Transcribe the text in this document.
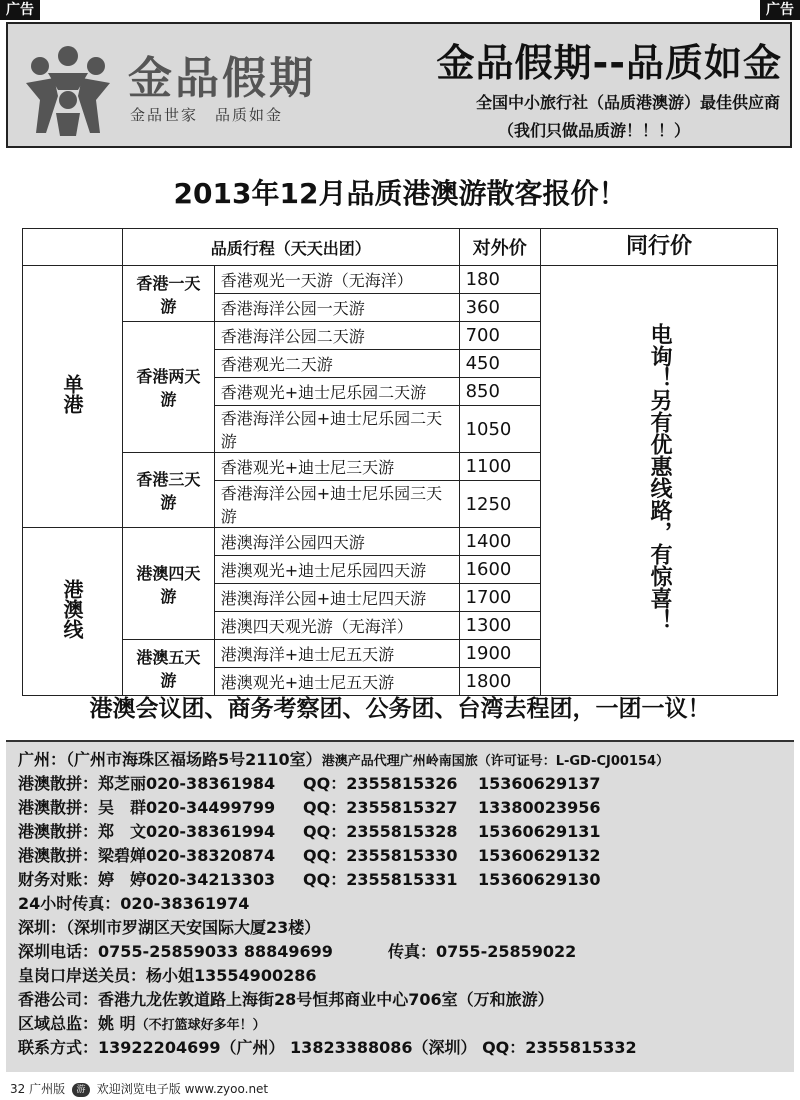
广告	广告
金品假期
金品世家　品质如金
金品假期--品质如金
全国中小旅行社（品质港澳游）最佳供应商
（我们只做品质游！！！）
2013年12月品质港澳游散客报价！
	品质行程（天天出团）		对外价	同行价
单港	香港一天游	香港观光一天游（无海洋）	180	电询！另有优惠线路，有惊喜！
		香港海洋公园一天游	360	
	香港两天游	香港海洋公园二天游	700	
		香港观光二天游	450	
		香港观光+迪士尼乐园二天游	850	
		香港海洋公园+迪士尼乐园二天游	1050	
	香港三天游	香港观光+迪士尼三天游	1100	
		香港海洋公园+迪士尼乐园三天游	1250	
港澳线	港澳四天游	港澳海洋公园四天游	1400	
		港澳观光+迪士尼乐园四天游	1600	
		港澳海洋公园+迪士尼四天游	1700	
		港澳四天观光游（无海洋）	1300	
	港澳五天游	港澳海洋+迪士尼五天游	1900	
		港澳观光+迪士尼五天游	1800	
港澳会议团、商务考察团、公务团、台湾去程团，一团一议！
广州：（广州市海珠区福场路5号2110室）港澳产品代理广州岭南国旅（许可证号：L-GD-CJ00154）
港澳散拼：郑芝丽020-38361984 QQ：2355815326 15360629137
港澳散拼：吴　群020-34499799 QQ：2355815327 13380023956
港澳散拼：郑　文020-38361994 QQ：2355815328 15360629131
港澳散拼：梁碧婵020-38320874 QQ：2355815330 15360629132
财务对账：婷　婷020-34213303 QQ：2355815331 15360629130
24小时传真：020-38361974
深圳：（深圳市罗湖区天安国际大厦23楼）
深圳电话：0755-25859033 88849699	传真：0755-25859022
皇岗口岸送关员：杨小姐13554900286
香港公司：香港九龙佐敦道路上海街28号恒邦商业中心706室（万和旅游）
区域总监：姚 明（不打篮球好多年！）
联系方式：13922204699（广州） 13823388086（深圳） QQ：2355815332
32 广州版 游 欢迎浏览电子版 www.zyoo.net
